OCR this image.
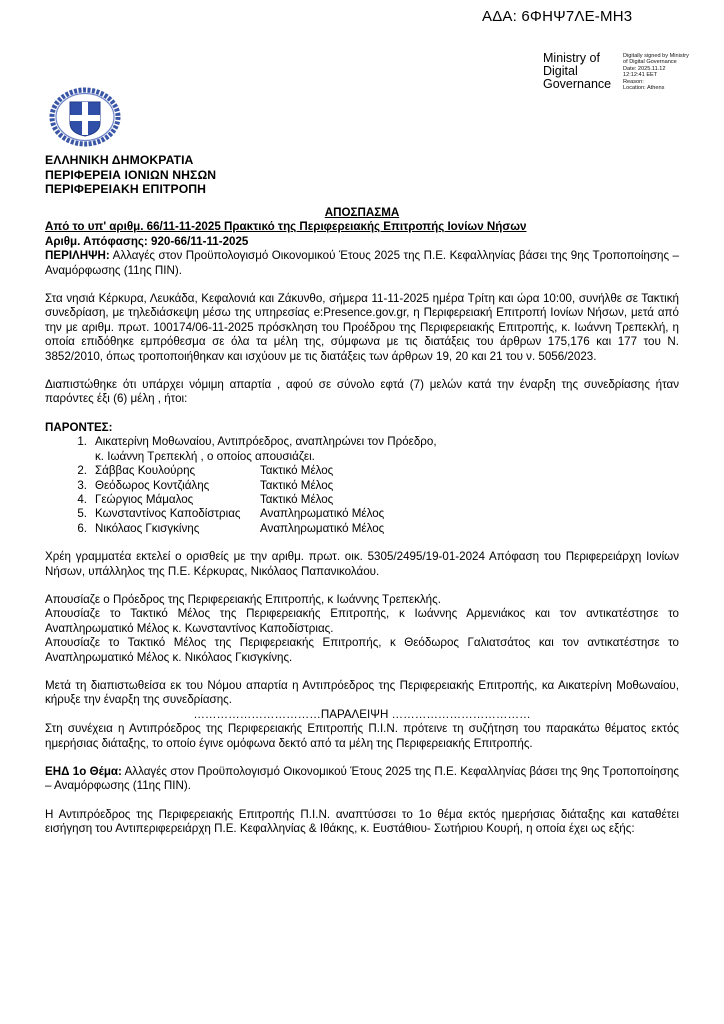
ΑΔΑ: 6ΦΗΨ7ΛΕ-ΜΗ3
Ministry of
Digital
Governance
Digitally signed by Ministry
of Digital Governance
Date: 2025.11.12
12:12:41 EET
Reason:
Location: Athens
ΕΛΛΗΝΙΚΗ ΔΗΜΟΚΡΑΤΙΑ
ΠΕΡΙΦΕΡΕΙΑ ΙΟΝΙΩΝ ΝΗΣΩΝ
ΠΕΡΙΦΕΡΕΙΑΚΗ ΕΠΙΤΡΟΠΗ
ΑΠΟΣΠΑΣΜΑ
Από το υπ' αριθμ. 66/11-11-2025 Πρακτικό της Περιφερειακής Επιτροπής Ιονίων Νήσων
Αριθμ. Απόφασης: 920-66/11-11-2025

ΠΕΡΙΛΗΨΗ: Αλλαγές στον Προϋπολογισμό Οικονομικού Έτους 2025 της Π.Ε. Κεφαλληνίας βάσει της 9ης Τροποποίησης – Αναμόρφωσης (11ης ΠΙΝ).

Στα νησιά Κέρκυρα, Λευκάδα, Κεφαλονιά και Ζάκυνθο, σήμερα 11-11-2025 ημέρα Τρίτη και ώρα 10:00, συνήλθε σε Τακτική συνεδρίαση, με τηλεδιάσκεψη μέσω της υπηρεσίας e:Presence.gov.gr, η Περιφερειακή Επιτροπή Ιονίων Νήσων, μετά από την με αριθμ. πρωτ. 100174/06-11-2025 πρόσκληση του Προέδρου της Περιφερειακής Επιτροπής, κ. Ιωάννη Τρεπεκλή, η οποία επιδόθηκε εμπρόθεσμα σε όλα τα μέλη της, σύμφωνα με τις διατάξεις του άρθρων 175,176 και 177 του Ν. 3852/2010, όπως τροποποιήθηκαν και ισχύουν με τις διατάξεις των άρθρων 19, 20 και 21 του ν. 5056/2023.

Διαπιστώθηκε ότι υπάρχει νόμιμη απαρτία , αφού σε σύνολο εφτά (7) μελών κατά την έναρξη της συνεδρίασης ήταν παρόντες έξι (6) μέλη , ήτοι:

ΠΑΡΟΝΤΕΣ:
1. Αικατερίνη Μοθωναίου, Αντιπρόεδρος, αναπληρώνει τον Πρόεδρο,
κ. Ιωάννη Τρεπεκλή , ο οποίος απουσιάζει.
2. Σάββας Κουλούρης	Τακτικό Μέλος
3. Θεόδωρος Κοντζιάλης	Τακτικό Μέλος
4. Γεώργιος Μάμαλος	Τακτικό Μέλος
5. Κωνσταντίνος Καποδίστριας	Αναπληρωματικό Μέλος
6. Νικόλαος Γκισγκίνης	Αναπληρωματικό Μέλος

Χρέη γραμματέα εκτελεί ο ορισθείς με την αριθμ. πρωτ. οικ. 5305/2495/19-01-2024 Απόφαση του Περιφερειάρχη Ιονίων Νήσων, υπάλληλος της Π.Ε. Κέρκυρας, Νικόλαος Παπανικολάου.

Απουσίαζε ο Πρόεδρος της Περιφερειακής Επιτροπής, κ Ιωάννης Τρεπεκλής.

Απουσίαζε το Τακτικό Μέλος της Περιφερειακής Επιτροπής, κ Ιωάννης Αρμενιάκος και τον αντικατέστησε το Αναπληρωματικό Μέλος κ. Κωνσταντίνος Καποδίστριας.

Απουσίαζε το Τακτικό Μέλος της Περιφερειακής Επιτροπής, κ Θεόδωρος Γαλιατσάτος και τον αντικατέστησε το Αναπληρωματικό Μέλος κ. Νικόλαος Γκισγκίνης.

Μετά τη διαπιστωθείσα εκ του Νόμου απαρτία η Αντιπρόεδρος της Περιφερειακής Επιτροπής, κα Αικατερίνη Μοθωναίου, κήρυξε την έναρξη της συνεδρίασης.

……………………………ΠΑΡΑΛΕΙΨΗ ………………………………

Στη συνέχεια η Αντιπρόεδρος της Περιφερειακής Επιτροπής Π.Ι.Ν. πρότεινε τη συζήτηση του παρακάτω θέματος εκτός ημερήσιας διάταξης, το οποίο έγινε ομόφωνα δεκτό από τα μέλη της Περιφερειακής Επιτροπής.

ΕΗΔ 1ο Θέμα: Αλλαγές στον Προϋπολογισμό Οικονομικού Έτους 2025 της Π.Ε. Κεφαλληνίας βάσει της 9ης Τροποποίησης – Αναμόρφωσης (11ης ΠΙΝ).

Η Αντιπρόεδρος της Περιφερειακής Επιτροπής Π.Ι.Ν. αναπτύσσει το 1ο θέμα εκτός ημερήσιας διάταξης και καταθέτει εισήγηση του Αντιπεριφερειάρχη Π.Ε. Κεφαλληνίας & Ιθάκης, κ. Ευστάθιου- Σωτήριου Κουρή, η οποία έχει ως εξής:
